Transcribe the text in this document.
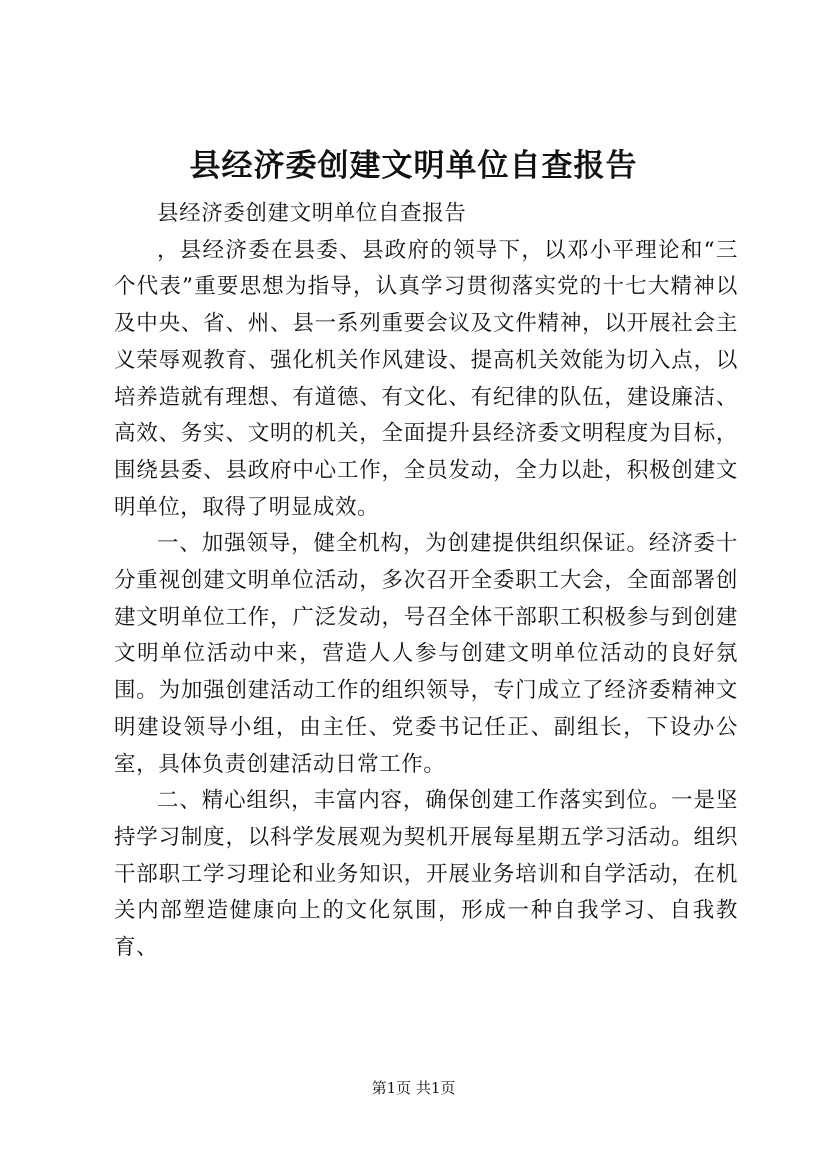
县经济委创建文明单位自查报告

县经济委创建文明单位自查报告

，县经济委在县委、县政府的领导下，以邓小平理论和“三个代表”重要思想为指导，认真学习贯彻落实党的十七大精神以及中央、省、州、县一系列重要会议及文件精神，以开展社会主义荣辱观教育、强化机关作风建设、提高机关效能为切入点，以培养造就有理想、有道德、有文化、有纪律的队伍，建设廉洁、高效、务实、文明的机关，全面提升县经济委文明程度为目标，围绕县委、县政府中心工作，全员发动，全力以赴，积极创建文明单位，取得了明显成效。

一、加强领导，健全机构，为创建提供组织保证。经济委十分重视创建文明单位活动，多次召开全委职工大会，全面部署创建文明单位工作，广泛发动，号召全体干部职工积极参与到创建文明单位活动中来，营造人人参与创建文明单位活动的良好氛围。为加强创建活动工作的组织领导，专门成立了经济委精神文明建设领导小组，由主任、党委书记任正、副组长，下设办公室，具体负责创建活动日常工作。

二、精心组织，丰富内容，确保创建工作落实到位。一是坚持学习制度，以科学发展观为契机开展每星期五学习活动。组织干部职工学习理论和业务知识，开展业务培训和自学活动，在机关内部塑造健康向上的文化氛围，形成一种自我学习、自我教育、

第1页 共1页
